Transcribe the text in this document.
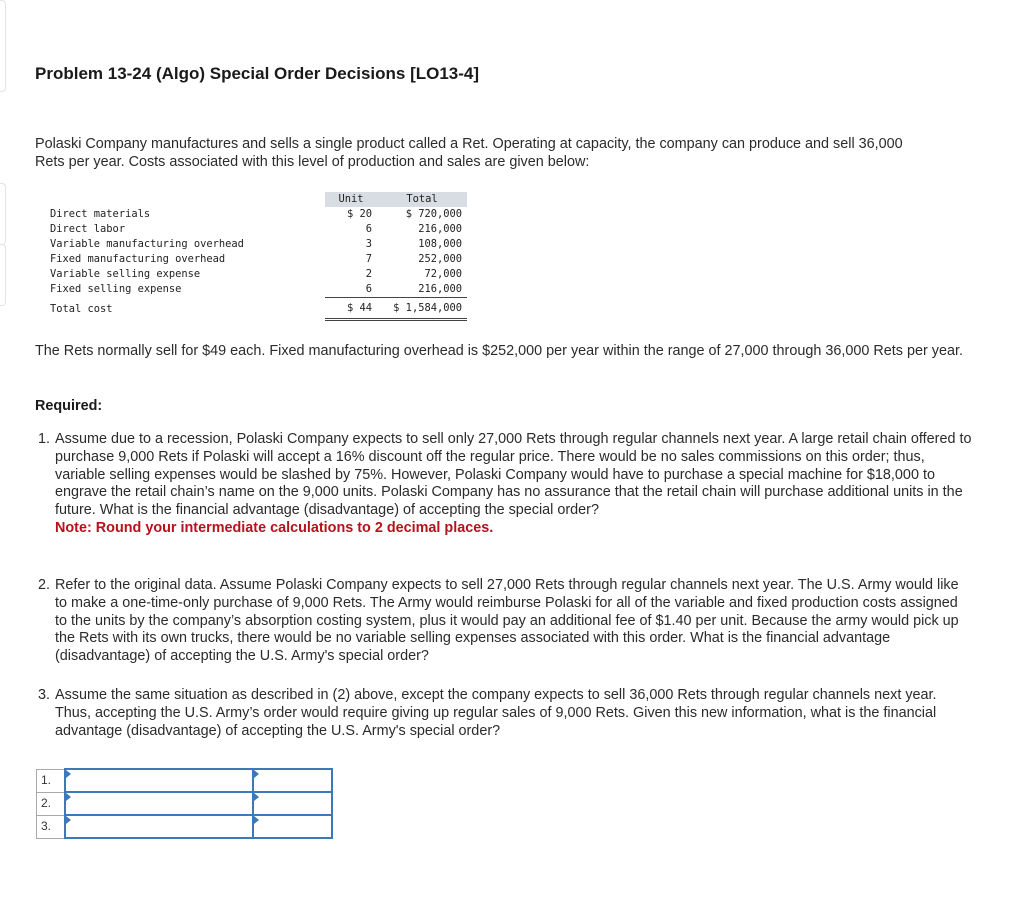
Problem 13-24 (Algo) Special Order Decisions [LO13-4]

Polaski Company manufactures and sells a single product called a Ret. Operating at capacity, the company can produce and sell 36,000 Rets per year. Costs associated with this level of production and sales are given below:

	Unit	Total
Direct materials	$ 20	$ 720,000
Direct labor	6	216,000
Variable manufacturing overhead	3	108,000
Fixed manufacturing overhead	7	252,000
Variable selling expense	2	72,000
Fixed selling expense	6	216,000
Total cost	$ 44	$ 1,584,000

The Rets normally sell for $49 each. Fixed manufacturing overhead is $252,000 per year within the range of 27,000 through 36,000 Rets per year.

Required:

1. Assume due to a recession, Polaski Company expects to sell only 27,000 Rets through regular channels next year. A large retail chain offered to purchase 9,000 Rets if Polaski will accept a 16% discount off the regular price. There would be no sales commissions on this order; thus, variable selling expenses would be slashed by 75%. However, Polaski Company would have to purchase a special machine for $18,000 to engrave the retail chain’s name on the 9,000 units. Polaski Company has no assurance that the retail chain will purchase additional units in the future. What is the financial advantage (disadvantage) of accepting the special order?
Note: Round your intermediate calculations to 2 decimal places.
2. Refer to the original data. Assume Polaski Company expects to sell 27,000 Rets through regular channels next year. The U.S. Army would like to make a one-time-only purchase of 9,000 Rets. The Army would reimburse Polaski for all of the variable and fixed production costs assigned to the units by the company’s absorption costing system, plus it would pay an additional fee of $1.40 per unit. Because the army would pick up the Rets with its own trucks, there would be no variable selling expenses associated with this order. What is the financial advantage (disadvantage) of accepting the U.S. Army's special order?
3. Assume the same situation as described in (2) above, except the company expects to sell 36,000 Rets through regular channels next year. Thus, accepting the U.S. Army’s order would require giving up regular sales of 9,000 Rets. Given this new information, what is the financial advantage (disadvantage) of accepting the U.S. Army's special order?
1.	

2.	

3.	
